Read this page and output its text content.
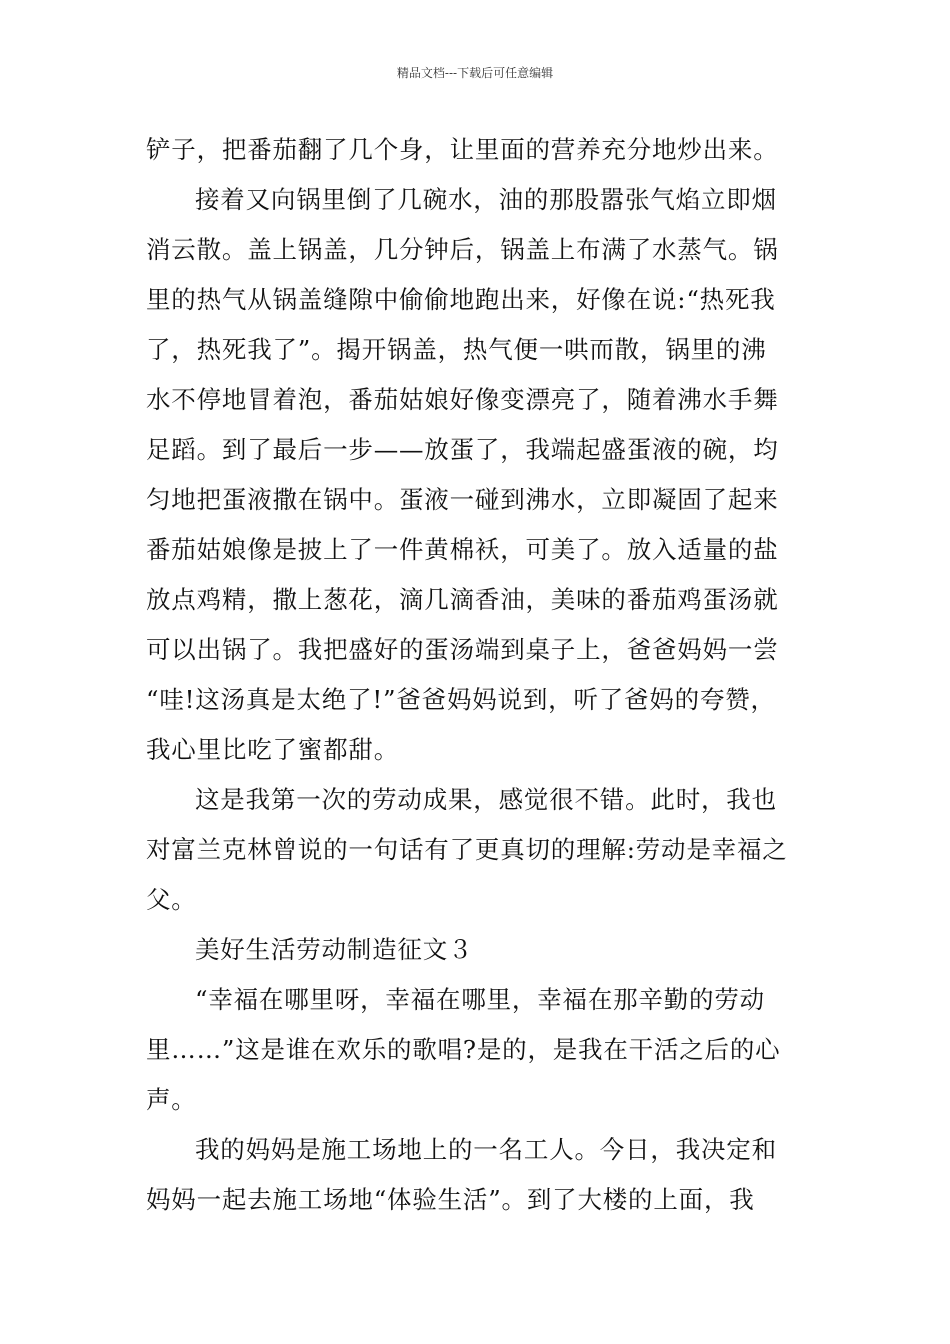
精品文档---下载后可任意编辑
铲子，把番茄翻了几个身，让里面的营养充分地炒出来。
接着又向锅里倒了几碗水，油的那股嚣张气焰立即烟
消云散。盖上锅盖，几分钟后，锅盖上布满了水蒸气。锅
里的热气从锅盖缝隙中偷偷地跑出来，好像在说:“热死我
了，热死我了”。揭开锅盖，热气便一哄而散，锅里的沸
水不停地冒着泡，番茄姑娘好像变漂亮了，随着沸水手舞
足蹈。到了最后一步——放蛋了，我端起盛蛋液的碗，均
匀地把蛋液撒在锅中。蛋液一碰到沸水，立即凝固了起来
番茄姑娘像是披上了一件黄棉袄，可美了。放入适量的盐
放点鸡精，撒上葱花，滴几滴香油，美味的番茄鸡蛋汤就
可以出锅了。我把盛好的蛋汤端到桌子上，爸爸妈妈一尝
“哇!这汤真是太绝了!”爸爸妈妈说到，听了爸妈的夸赞，
我心里比吃了蜜都甜。
这是我第一次的劳动成果，感觉很不错。此时，我也
对富兰克林曾说的一句话有了更真切的理解:劳动是幸福之
父。
美好生活劳动制造征文３
“幸福在哪里呀，幸福在哪里，幸福在那辛勤的劳动
里……”这是谁在欢乐的歌唱?是的，是我在干活之后的心
声。
我的妈妈是施工场地上的一名工人。今日，我决定和
妈妈一起去施工场地“体验生活”。到了大楼的上面，我
